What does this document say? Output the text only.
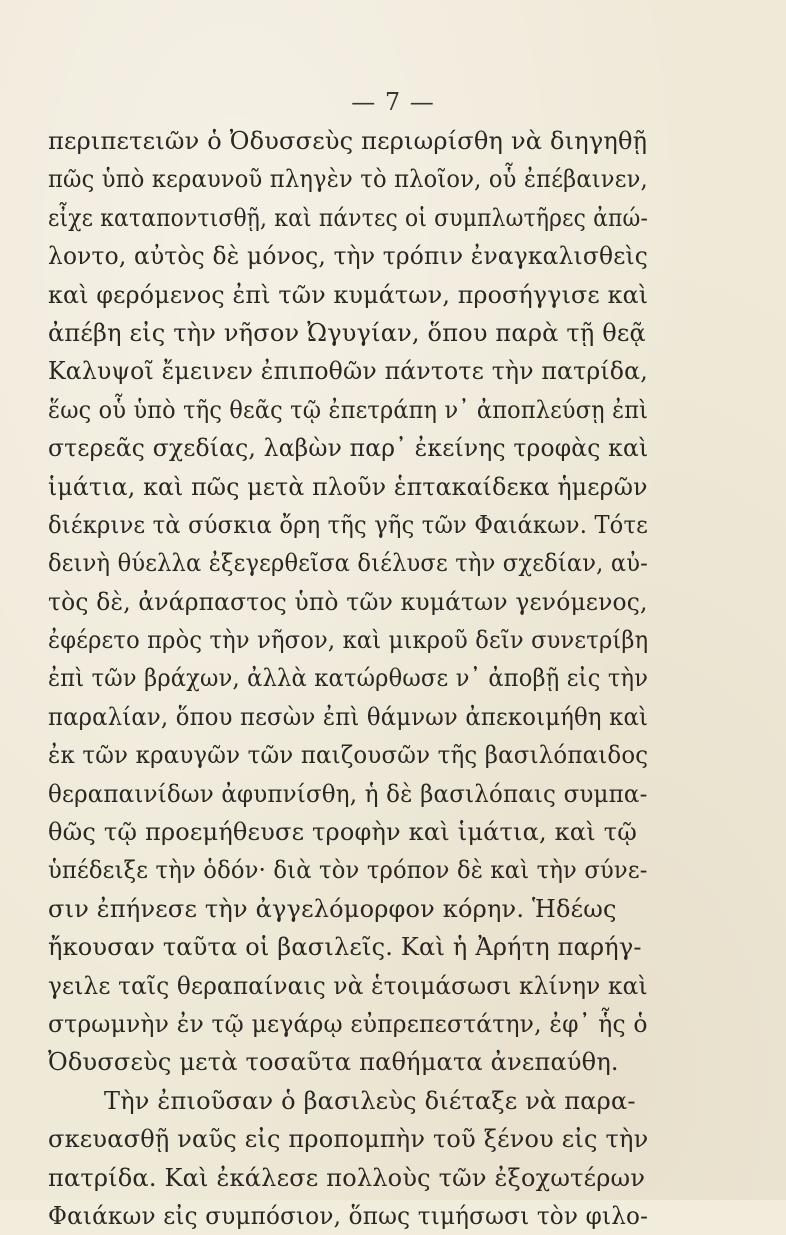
— 7 —
περιπετειῶν ὁ Ὀδυσσεὺς περιωρίσθη νὰ διηγηθῇ
πῶς ὑπὸ κεραυνοῦ πληγὲν τὸ πλοῖον, οὗ ἐπέβαινεν,
εἶχε καταποντισθῇ, καὶ πάντες οἱ συμπλωτῆρες ἀπώ-
λοντο, αὐτὸς δὲ μόνος, τὴν τρόπιν ἐναγκαλισθεὶς
καὶ φερόμενος ἐπὶ τῶν κυμάτων, προσήγγισε καὶ
ἀπέβη εἰς τὴν νῆσον Ὠγυγίαν, ὅπου παρὰ τῇ θεᾷ
Καλυψοῖ ἔμεινεν ἐπιποθῶν πάντοτε τὴν πατρίδα,
ἕως οὗ ὑπὸ τῆς θεᾶς τῷ ἐπετράπη ν᾽ ἀποπλεύσῃ ἐπὶ
στερεᾶς σχεδίας, λαβὼν παρ᾽ ἐκείνης τροφὰς καὶ
ἱμάτια, καὶ πῶς μετὰ πλοῦν ἑπτακαίδεκα ἡμερῶν
διέκρινε τὰ σύσκια ὄρη τῆς γῆς τῶν Φαιάκων. Τότε
δεινὴ θύελλα ἐξεγερθεῖσα διέλυσε τὴν σχεδίαν, αὐ-
τὸς δὲ, ἀνάρπαστος ὑπὸ τῶν κυμάτων γενόμενος,
ἐφέρετο πρὸς τὴν νῆσον, καὶ μικροῦ δεῖν συνετρίβη
ἐπὶ τῶν βράχων, ἀλλὰ κατώρθωσε ν᾽ ἀποβῇ εἰς τὴν
παραλίαν, ὅπου πεσὼν ἐπὶ θάμνων ἀπεκοιμήθη καὶ
ἐκ τῶν κραυγῶν τῶν παιζουσῶν τῆς βασιλόπαιδος
θεραπαινίδων ἀφυπνίσθη, ἡ δὲ βασιλόπαις συμπα-
θῶς τῷ προεμήθευσε τροφὴν καὶ ἱμάτια, καὶ τῷ
ὑπέδειξε τὴν ὁδόν· διὰ τὸν τρόπον δὲ καὶ τὴν σύνε-
σιν ἐπήνεσε τὴν ἀγγελόμορφον κόρην. Ἡδέως
ἤκουσαν ταῦτα οἱ βασιλεῖς. Καὶ ἡ Ἀρήτη παρήγ-
γειλε ταῖς θεραπαίναις νὰ ἑτοιμάσωσι κλίνην καὶ
στρωμνὴν ἐν τῷ μεγάρῳ εὐπρεπεστάτην, ἐφ᾽ ἧς ὁ
Ὀδυσσεὺς μετὰ τοσαῦτα παθήματα ἀνεπαύθη.
Τὴν ἐπιοῦσαν ὁ βασιλεὺς διέταξε νὰ παρα-
σκευασθῇ ναῦς εἰς προπομπὴν τοῦ ξένου εἰς τὴν
πατρίδα. Καὶ ἐκάλεσε πολλοὺς τῶν ἐξοχωτέρων
Φαιάκων εἰς συμπόσιον, ὅπως τιμήσωσι τὸν φιλο-
